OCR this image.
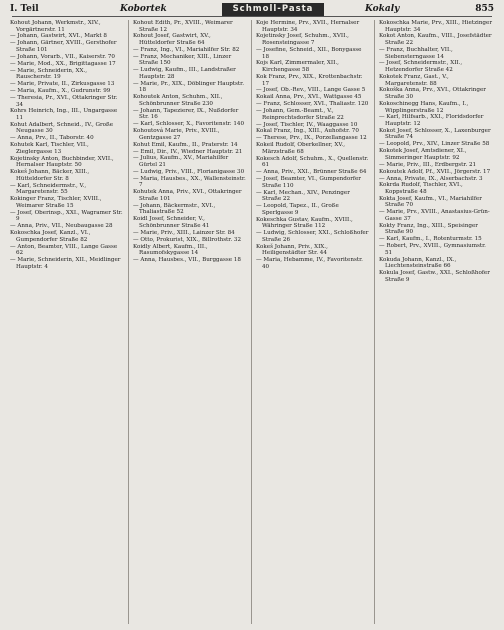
I. Teil	Kobortek	Schmoll-Pasta	Kokaly	855

Kohout Johann, Werkmstr., XIV., Vorgärtnerstr. 11

— Johann, Gastwirt, XVI., Markt 8

— Johann, Gärtner, XVIII., Gersthofer Straße 101

— Johann, Vorarb., VII., Kaiserstr. 70

— Marie, Mod., XX., Brigittagasse 17

— Marie, Schneiderin, XX., Rauscherstr. 19

— Marie, Private, II., Zirkusgasse 13

— Maria, Kaufm., X., Gudrunstr. 99

— Theresia, Pr., XVI., Ottakringer Str. 34

Kohrs Heinrich, Ing., III., Ungargasse 11

Kohut Adalbert, Schneid., IV., Große Neugasse 30

— Anna, Prv., II., Taborstr. 40

Kohutek Karl, Tischler, VII., Zieglergasse 13

Kojetinsky Anton, Buchbinder, XVII., Hernalser Hauptstr. 50

Kokeš Johann, Bäcker, XIII., Hütteldorfer Str. 8

— Karl, Schneidermstr., V., Margaretenstr. 55

Kokinger Franz, Tischler, XVIII., Weimarer Straße 15

— Josef, Oberinsp., XXI., Wagramer Str. 9

— Anna, Priv., VII., Neubaugasse 28

Kokoschka Josef, Kanzl., VI., Gumpendorfer Straße 82

— Anton, Beamter, VIII., Lange Gasse 62

— Marie, Schneiderin, XII., Meidlinger Hauptstr. 4

Kohout Edith, Pr., XVIII., Weimarer Straße 12

Kohout Josef, Gastwirt, XV., Hütteldorfer Straße 64

— Franz, Ing., VI., Mariahilfer Str. 82

— Franz, Mechaniker, XIII., Linzer Straße 150

— Ludwig, Kaufm., III., Landstraßer Hauptstr. 28

— Marie, Pr., XIX., Döblinger Hauptstr. 18

Kohoutek Anton, Schuhm., XII., Schönbrunner Straße 230

— Johann, Tapezierer, IX., Nußdorfer Str. 16

— Karl, Schlosser, X., Favoritenstr. 140

Kohoutová Marie, Priv., XVIII., Gentzgasse 27

Kohut Emil, Kaufm., II., Praterstr. 14

— Emil, Dir., IV., Wiedner Hauptstr. 21

— Julius, Kaufm., XV., Mariahilfer Gürtel 21

— Ludwig, Priv., VIII., Florianigasse 30

— Maria, Hausbes., XX., Wallensteinstr. 7

Kohutek Anna, Priv., XVI., Ottakringer Straße 101

— Johann, Bäckermstr., XVI., Thaliastraße 52

Koidl Josef, Schneider, V., Schönbrunner Straße 41

— Marie, Priv., XIII., Lainzer Str. 84

— Otto, Prokurist, XIX., Billrothstr. 32

Koidly Albert, Kaufm., III., Rasumofskygasse 14

— Anna, Hausbes., VII., Burggasse 18

Koje Hermine, Prv., XVII., Hernalser Hauptstr. 34

Kojetinsky Josef, Schuhm., XVII., Rosensteingasse 7

— Josefine, Schneid., XII., Bonygasse 18

Kojs Karl, Zimmermaler, XII., Kirchengasse 58

Kok Franz, Prv., XIX., Krottenbachstr. 17

— Josef, Ob.-Rev., VIII., Lange Gasse 5

Kokail Anna, Prv., XVI., Wattgasse 45

— Franz, Schlosser, XVI., Thaliastr. 120

— Johann, Gem.-Beamt., V., Reinprechtsdorfer Straße 22

— Josef, Tischler, IV., Waaggasse 10

Kokal Franz, Ing., XIII., Auhofstr. 70

— Therese, Prv., IX., Porzellangasse 12

Kokeil Rudolf, Oberkellner, XV., Märzstraße 68

Kokesch Adolf, Schuhm., X., Quellenstr. 61

— Anna, Priv., XXI., Brünner Straße 64

— Josef, Beamter, VI., Gumpendorfer Straße 110

— Karl, Mechan., XIV., Penzinger Straße 22

— Leopold, Tapez., II., Große Sperlgasse 9

Kokeschka Gustav, Kaufm., XVIII., Währinger Straße 112

— Ludwig, Schlosser, XXI., Schloßhofer Straße 26

Kokeš Johann, Priv., XIX., Heiligenstädter Str. 44

— Maria, Hebamme, IV., Favoritenstr. 40

Kokoschka Marie, Prv., XIII., Hietzinger Hauptstr. 34

Kokot Anton, Kaufm., VIII., Josefstädter Straße 22

— Franz, Buchhalter, VII., Siebensterngasse 14

— Josef, Schneidermstr., XII., Hetzendorfer Straße 42

Kokotek Franz, Gast., V., Margaretenstr. 88

Kokoška Anna, Prv., XVI., Ottakringer Straße 30

Kokoschinegg Hans, Kaufm., I., Wipplingerstraße 12

— Karl, Hilfsarb., XXI., Floridsdorfer Hauptstr. 12

Kokot Josef, Schlosser, X., Laxenburger Straße 74

— Leopold, Prv., XIV., Linzer Straße 58

Kokotek Josef, Amtsdiener, XI., Simmeringer Hauptstr. 92

— Marie, Priv., III., Erdbergstr. 21

Kokoutek Adolf, Pf., XVII., Jörgerstr. 17

— Anna, Private, IX., Alserbachstr. 3

Kokrda Rudolf, Tischler, XVI., Koppstraße 48

Kokta Josef, Kaufm., VI., Mariahilfer Straße 70

— Marie, Prv., XVIII., Anastasius-Grün-Gasse 37

Kokty Franz, Ing., XIII., Speisinger Straße 90

— Karl, Kaufm., I., Rotenturmstr. 15

— Robert, Prv., XVIII., Gymnasiumstr. 51

Kokuda Johann, Kanzl., IX., Liechtensteinstraße 66

Kokula Josef, Gastw., XXI., Schloßhofer Straße 9
